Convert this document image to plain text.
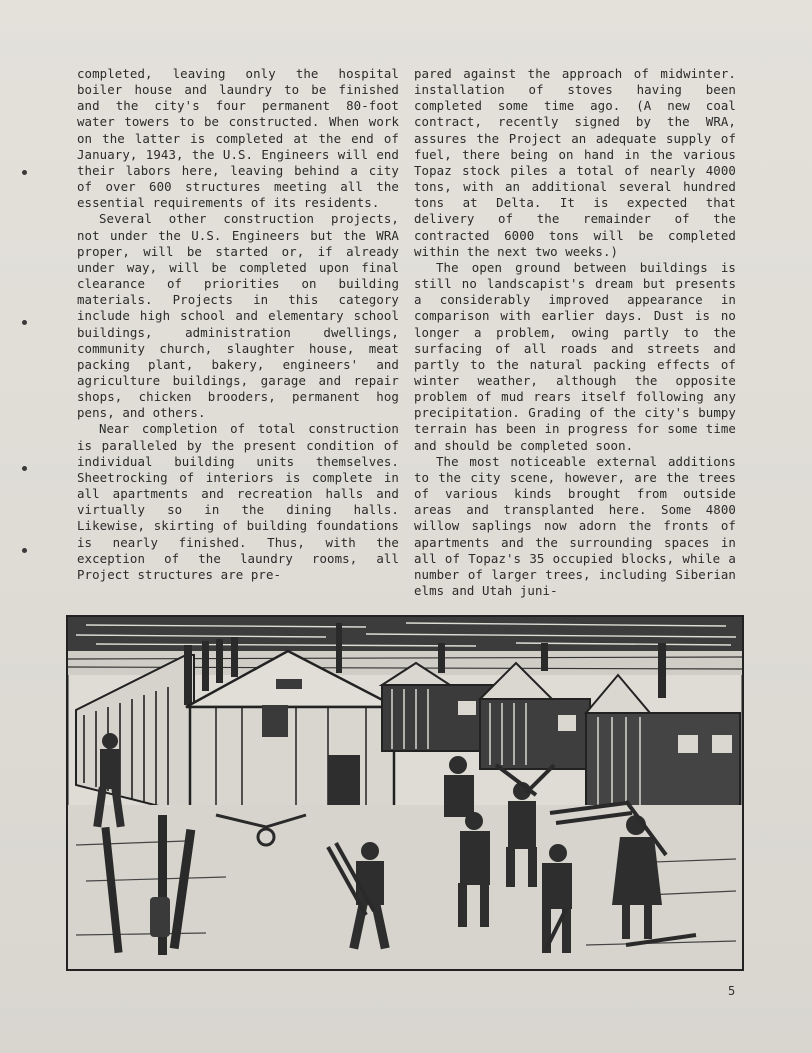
completed, leaving only the hospital boiler house and laundry to be finished and the city's four permanent 80-foot water towers to be constructed. When work on the latter is completed at the end of January, 1943, the U.S. Engineers will end their labors here, leaving behind a city of over 600 structures meeting all the essential requirements of its residents.

Several other construction projects, not under the U.S. Engineers but the WRA proper, will be started or, if already under way, will be completed upon final clearance of priorities on building materials. Projects in this category include high school and elementary school buildings, administration dwellings, community church, slaughter house, meat packing plant, bakery, engineers' and agriculture buildings, garage and repair shops, chicken brooders, permanent hog pens, and others.

Near completion of total construction is paralleled by the present condition of individual building units themselves. Sheetrocking of interiors is complete in all apartments and recreation halls and virtually so in the dining halls. Likewise, skirting of building foundations is nearly finished. Thus, with the exception of the laundry rooms, all Project structures are pre-

pared against the approach of midwinter. installation of stoves having been completed some time ago. (A new coal contract, recently signed by the WRA, assures the Project an adequate supply of fuel, there being on hand in the various Topaz stock piles a total of nearly 4000 tons, with an additional several hundred tons at Delta. It is expected that delivery of the remainder of the contracted 6000 tons will be completed within the next two weeks.)

The open ground between buildings is still no landscapist's dream but presents a considerably improved appearance in comparison with earlier days. Dust is no longer a problem, owing partly to the surfacing of all roads and streets and partly to the natural packing effects of winter weather, although the opposite problem of mud rears itself following any precipitation. Grading of the city's bumpy terrain has been in progress for some time and should be completed soon.

The most noticeable external additions to the city scene, however, are the trees of various kinds brought from outside areas and transplanted here. Some 4800 willow saplings now adorn the fronts of apartments and the surrounding spaces in all of Topaz's 35 occupied blocks, while a number of larger trees, including Siberian elms and Utah juni-

5
